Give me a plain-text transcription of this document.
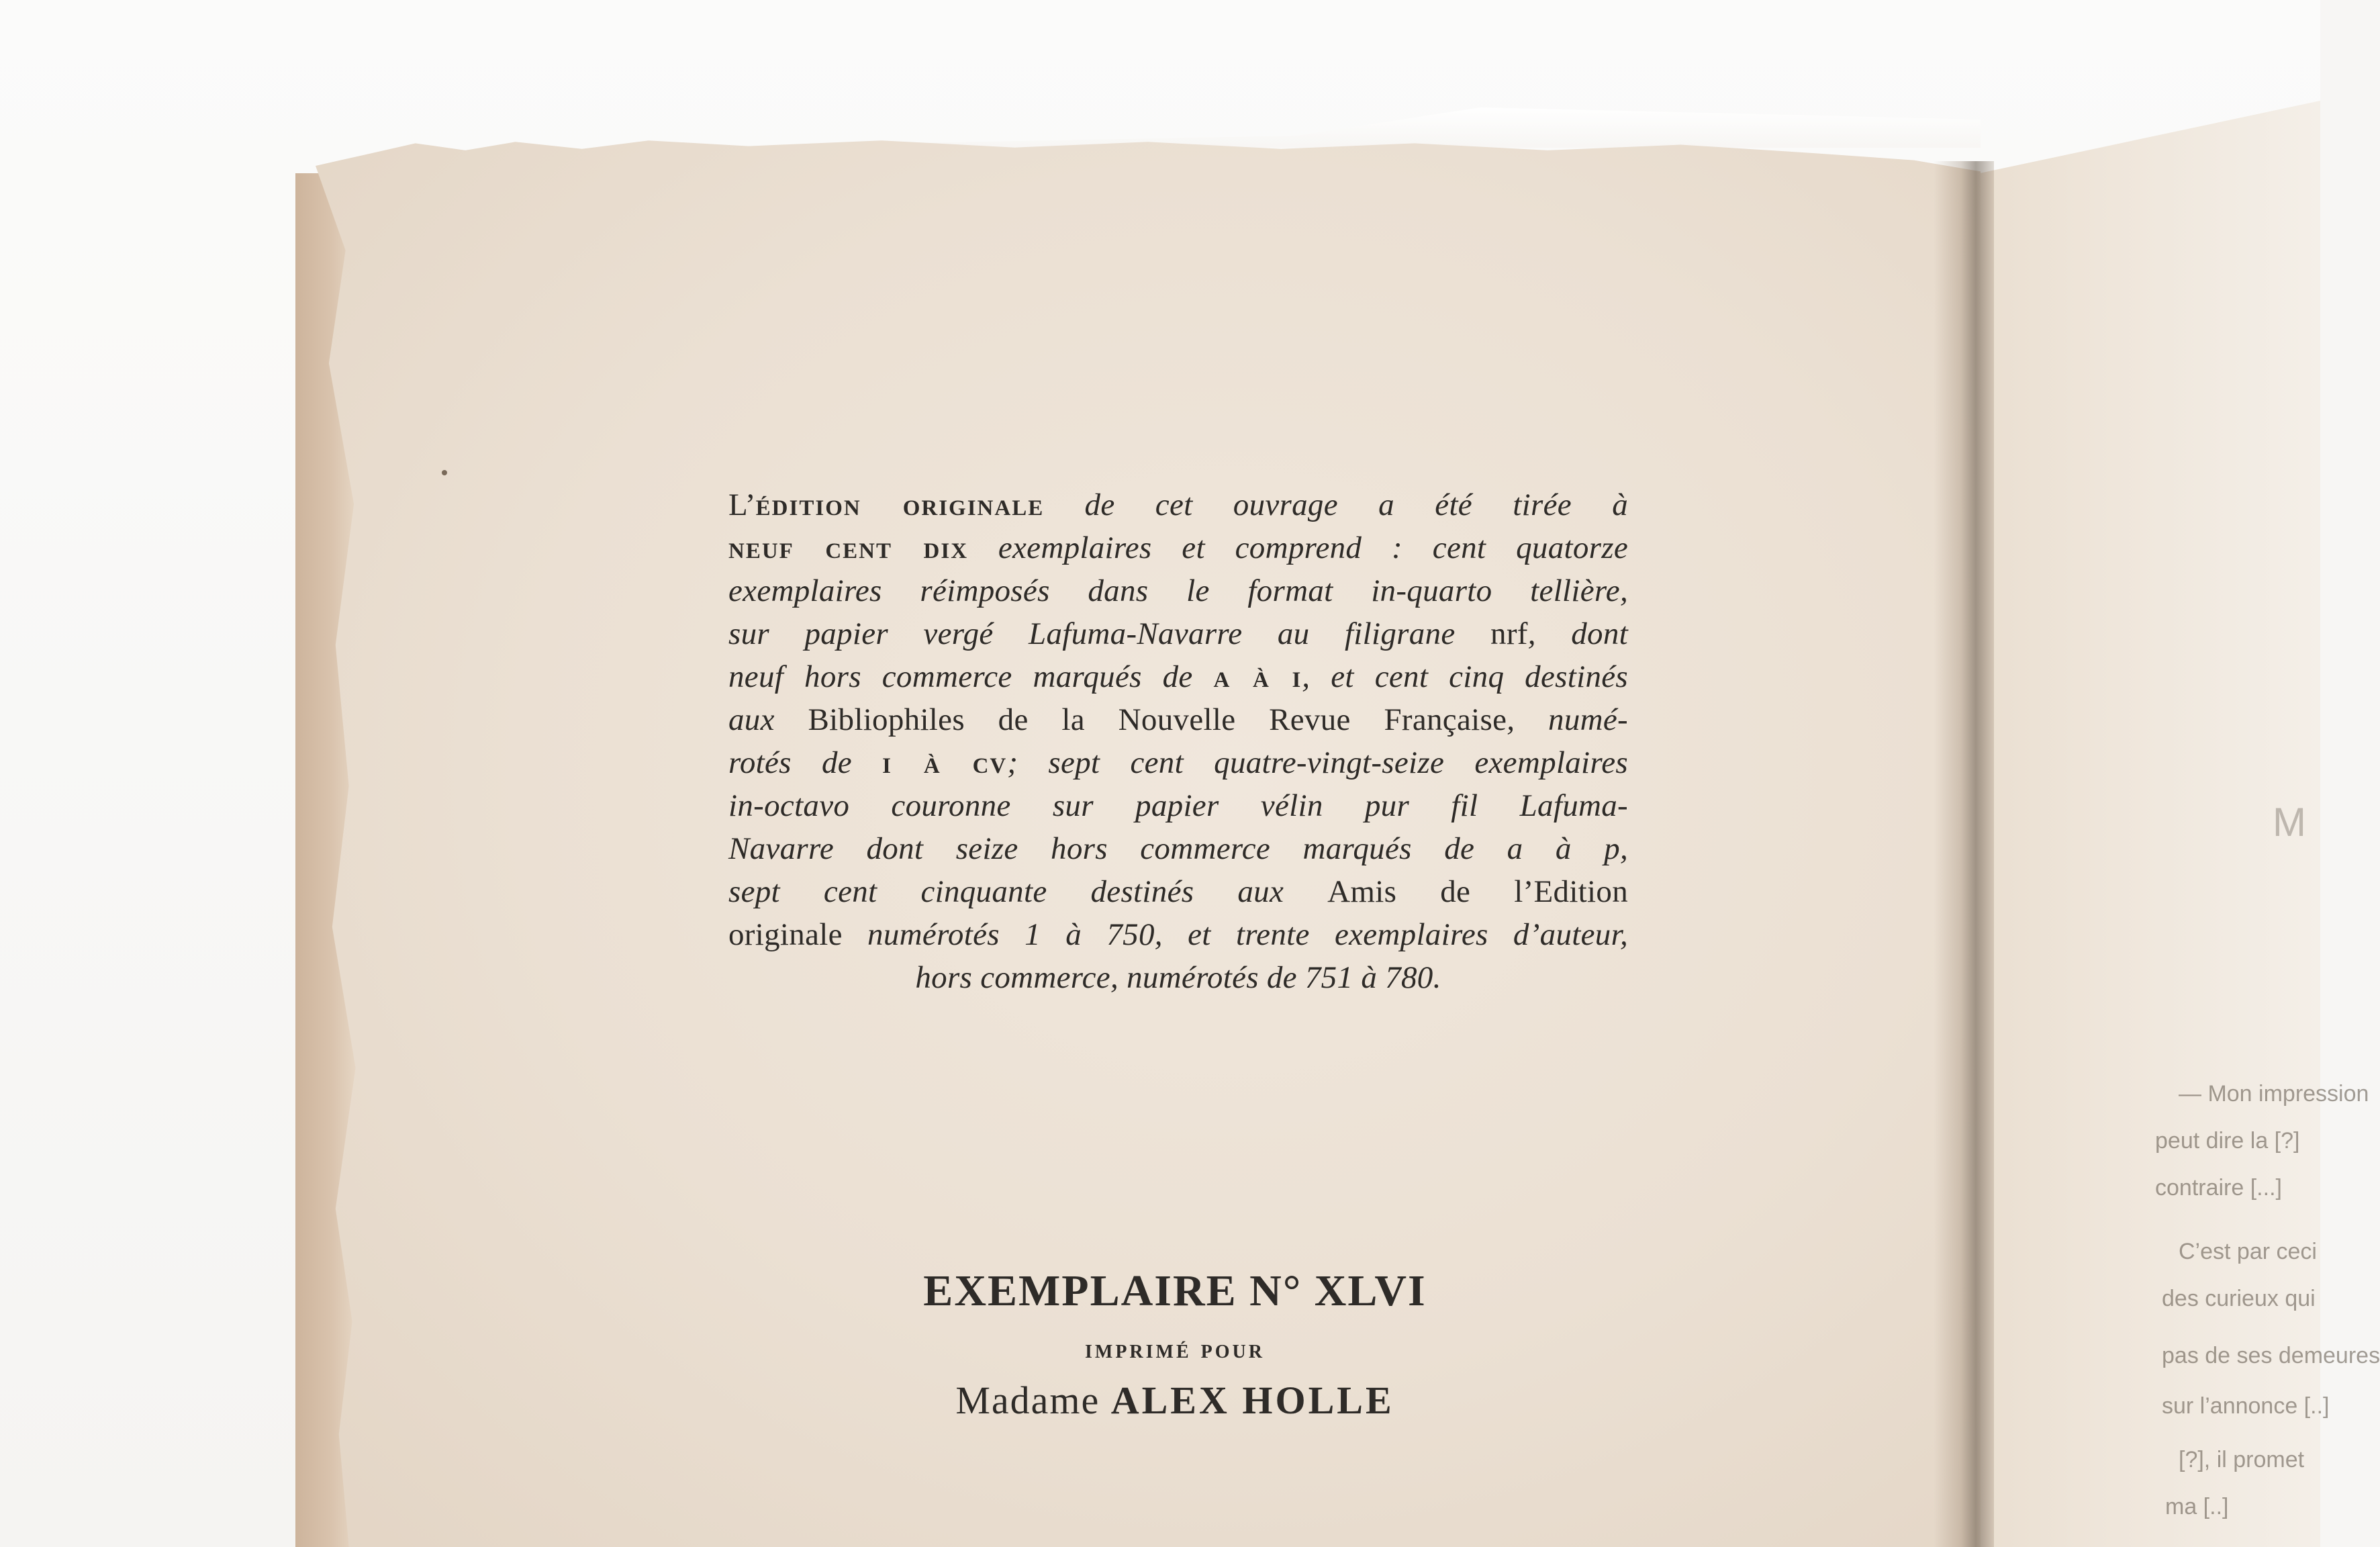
L’édition originale de cet ouvrage a été tirée à
neuf cent dix exemplaires et comprend : cent quatorze
exemplaires réimposés dans le format in-quarto tellière,
sur papier vergé Lafuma-Navarre au filigrane nrf, dont
neuf hors commerce marqués de a à i, et cent cinq destinés
aux Bibliophiles de la Nouvelle Revue Française, numé-
rotés de i à cv; sept cent quatre-vingt-seize exemplaires
in-octavo couronne sur papier vélin pur fil Lafuma-
Navarre dont seize hors commerce marqués de a à p,
sept cent cinquante destinés aux Amis de l’Edition
originale numérotés 1 à 750, et trente exemplaires d’auteur,
hors commerce, numérotés de 751 à 780.
EXEMPLAIRE N° XLVI
imprimé pour
Madame ALEX HOLLE
M
— Mon impression
peut dire la [?]
contraire [...]
C’est par ceci
des curieux qui
pas de ses demeures
sur l’annonce [..]
[?], il promet
ma [..]
